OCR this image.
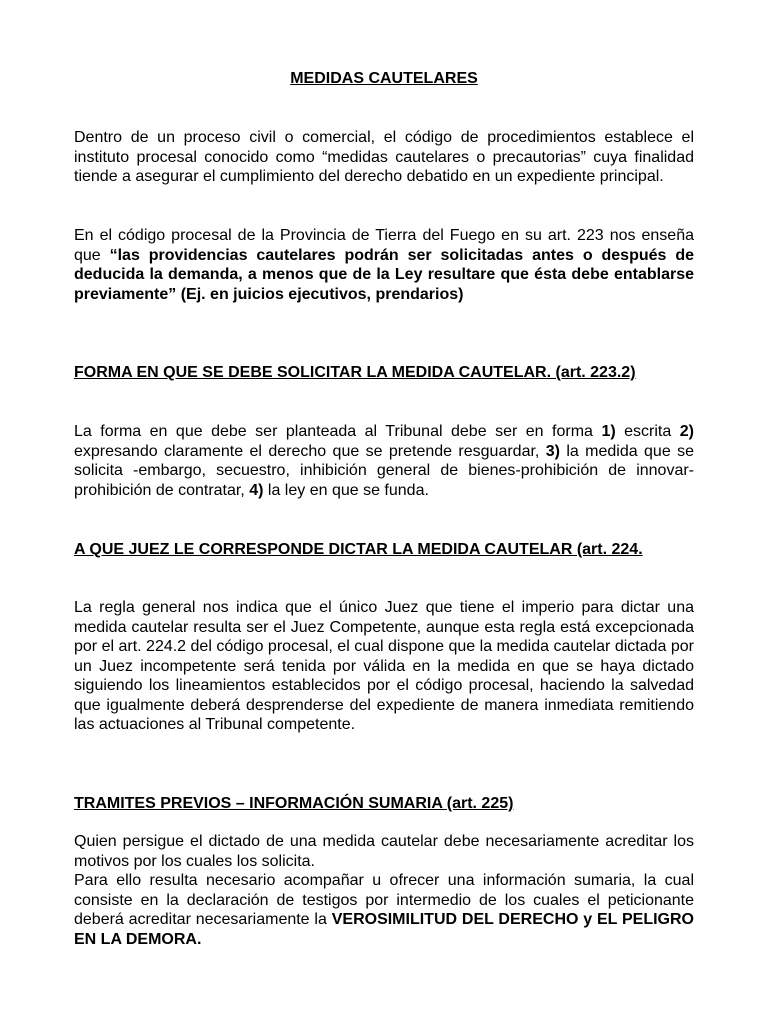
MEDIDAS CAUTELARES

Dentro de un proceso civil o comercial, el código de procedimientos establece el instituto procesal conocido como “medidas cautelares o precautorias” cuya finalidad tiende a asegurar el cumplimiento del derecho debatido en un expediente principal.

En el código procesal de la Provincia de Tierra del Fuego en su art. 223 nos enseña que “las providencias cautelares podrán ser solicitadas antes o después de deducida la demanda, a menos que de la Ley resultare que ésta debe entablarse previamente” (Ej. en juicios ejecutivos, prendarios)

FORMA EN QUE SE DEBE SOLICITAR LA MEDIDA CAUTELAR. (art. 223.2)

La forma en que debe ser planteada al Tribunal debe ser en forma 1) escrita 2) expresando claramente el derecho que se pretende resguardar, 3) la medida que se solicita -embargo, secuestro, inhibición general de bienes-prohibición de innovar- prohibición de contratar, 4) la ley en que se funda.

A QUE JUEZ LE CORRESPONDE DICTAR LA MEDIDA CAUTELAR (art. 224.

La regla general nos indica que el único Juez que tiene el imperio para dictar una medida cautelar resulta ser el Juez Competente, aunque esta regla está excepcionada por el art. 224.2 del código procesal, el cual dispone que la medida cautelar dictada por un Juez incompetente será tenida por válida en la medida en que se haya dictado siguiendo los lineamientos establecidos por el código procesal, haciendo la salvedad que igualmente deberá desprenderse del expediente de manera inmediata remitiendo las actuaciones al Tribunal competente.

TRAMITES PREVIOS – INFORMACIÓN SUMARIA (art. 225)

Quien persigue el dictado de una medida cautelar debe necesariamente acreditar los motivos por los cuales los solicita.

Para ello resulta necesario acompañar u ofrecer una información sumaria, la cual consiste en la declaración de testigos por intermedio de los cuales el peticionante deberá acreditar necesariamente la VEROSIMILITUD DEL DERECHO y EL PELIGRO EN LA DEMORA.
